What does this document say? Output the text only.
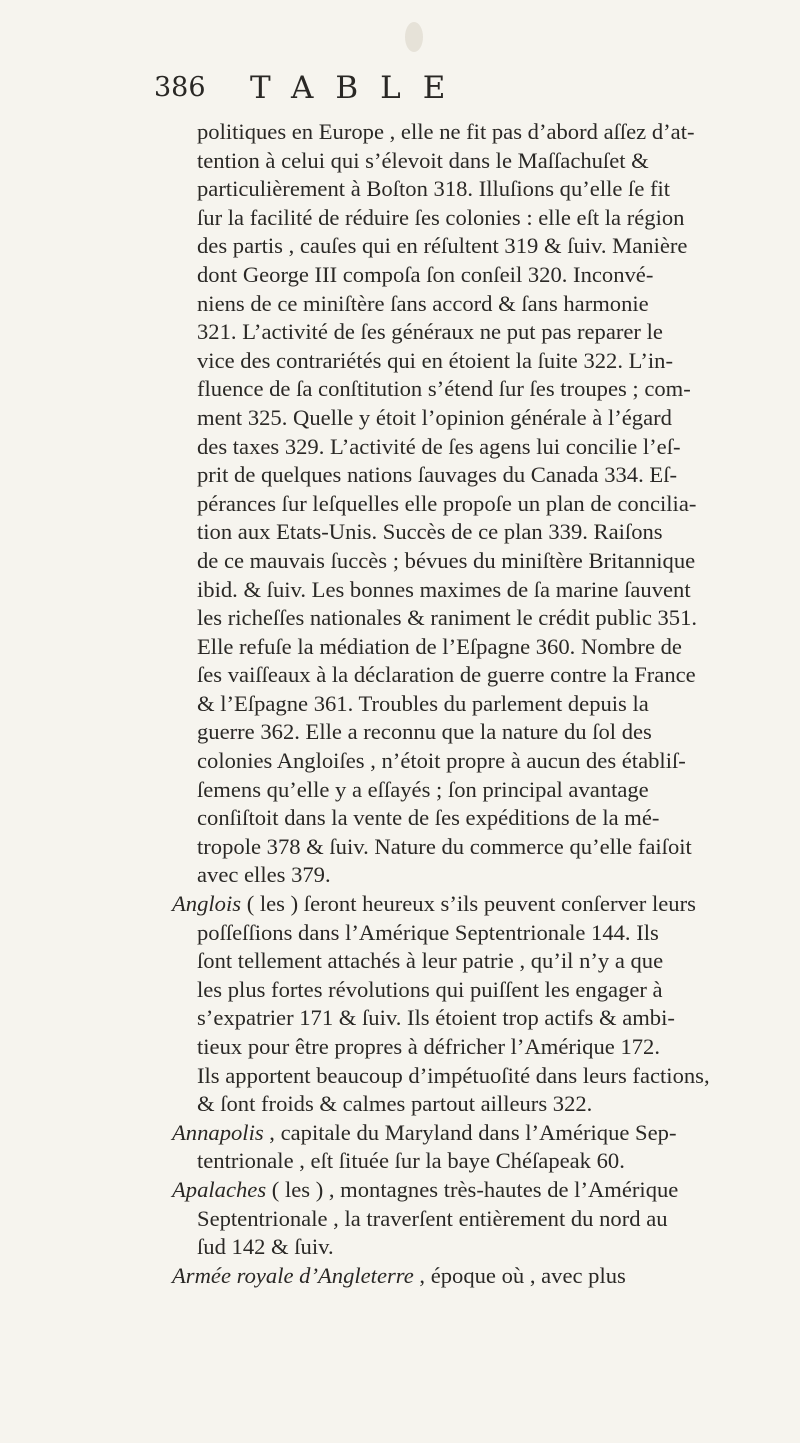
386 TABLE
politiques en Europe , elle ne fit pas d’abord aſſez d’at-
tention à celui qui s’élevoit dans le Maſſachuſet &
particulièrement à Boſton 318. Illuſions qu’elle ſe fit
ſur la facilité de réduire ſes colonies : elle eſt la région
des partis , cauſes qui en réſultent 319 & ſuiv. Manière
dont George III compoſa ſon conſeil 320. Inconvé-
niens de ce miniſtère ſans accord & ſans harmonie
321. L’activité de ſes généraux ne put pas reparer le
vice des contrariétés qui en étoient la ſuite 322. L’in-
fluence de ſa conſtitution s’étend ſur ſes troupes ; com-
ment 325. Quelle y étoit l’opinion générale à l’égard
des taxes 329. L’activité de ſes agens lui concilie l’eſ-
prit de quelques nations ſauvages du Canada 334. Eſ-
pérances ſur leſquelles elle propoſe un plan de concilia-
tion aux Etats-Unis. Succès de ce plan 339. Raiſons
de ce mauvais ſuccès ; bévues du miniſtère Britannique
ibid. & ſuiv. Les bonnes maximes de ſa marine ſauvent
les richeſſes nationales & raniment le crédit public 351.
Elle refuſe la médiation de l’Eſpagne 360. Nombre de
ſes vaiſſeaux à la déclaration de guerre contre la France
& l’Eſpagne 361. Troubles du parlement depuis la
guerre 362. Elle a reconnu que la nature du ſol des
colonies Angloiſes , n’étoit propre à aucun des établiſ-
ſemens qu’elle y a eſſayés ; ſon principal avantage
conſiſtoit dans la vente de ſes expéditions de la mé-
tropole 378 & ſuiv. Nature du commerce qu’elle faiſoit
avec elles 379.
Anglois ( les ) ſeront heureux s’ils peuvent conſerver leurs
poſſeſſions dans l’Amérique Septentrionale 144. Ils
ſont tellement attachés à leur patrie , qu’il n’y a que
les plus fortes révolutions qui puiſſent les engager à
s’expatrier 171 & ſuiv. Ils étoient trop actifs & ambi-
tieux pour être propres à défricher l’Amérique 172.
Ils apportent beaucoup d’impétuoſité dans leurs factions,
& ſont froids & calmes partout ailleurs 322.
Annapolis , capitale du Maryland dans l’Amérique Sep-
tentrionale , eſt ſituée ſur la baye Chéſapeak 60.
Apalaches ( les ) , montagnes très-hautes de l’Amérique
Septentrionale , la traverſent entièrement du nord au
ſud 142 & ſuiv.
Armée royale d’Angleterre , époque où , avec plus
